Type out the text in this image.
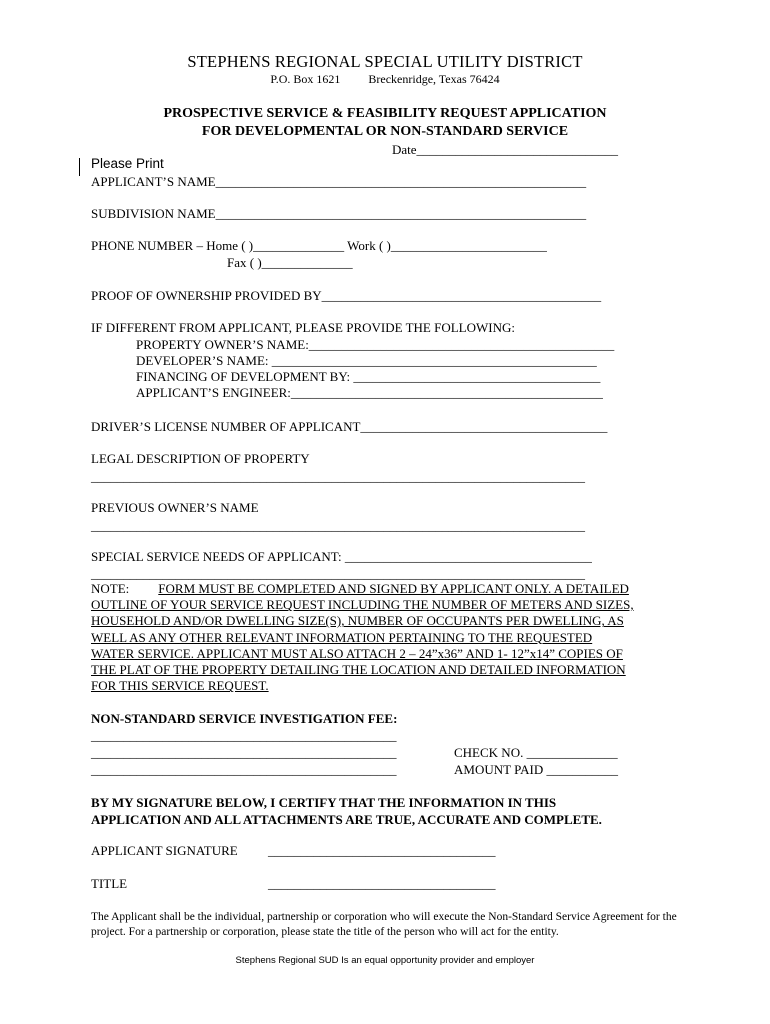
STEPHENS REGIONAL SPECIAL UTILITY DISTRICT
P.O. Box 1621 Breckenridge, Texas 76424
PROSPECTIVE SERVICE & FEASIBILITY REQUEST APPLICATION
FOR DEVELOPMENTAL OR NON-STANDARD SERVICE
Date_______________________________
Please Print
APPLICANT’S NAME_________________________________________________________
SUBDIVISION NAME_________________________________________________________
PHONE NUMBER – Home ( )______________ Work ( )________________________
Fax ( )______________
PROOF OF OWNERSHIP PROVIDED BY___________________________________________
IF DIFFERENT FROM APPLICANT, PLEASE PROVIDE THE FOLLOWING:
PROPERTY OWNER’S NAME:_______________________________________________
DEVELOPER’S NAME: __________________________________________________
FINANCING OF DEVELOPMENT BY: ______________________________________
APPLICANT’S ENGINEER:________________________________________________
DRIVER’S LICENSE NUMBER OF APPLICANT______________________________________
LEGAL DESCRIPTION OF PROPERTY
____________________________________________________________________________
PREVIOUS OWNER’S NAME
____________________________________________________________________________
SPECIAL SERVICE NEEDS OF APPLICANT: ______________________________________
____________________________________________________________________________

NOTE: FORM MUST BE COMPLETED AND SIGNED BY APPLICANT ONLY. A DETAILED

OUTLINE OF YOUR SERVICE REQUEST INCLUDING THE NUMBER OF METERS AND SIZES,

HOUSEHOLD AND/OR DWELLING SIZE(S), NUMBER OF OCCUPANTS PER DWELLING, AS

WELL AS ANY OTHER RELEVANT INFORMATION PERTAINING TO THE REQUESTED

WATER SERVICE. APPLICANT MUST ALSO ATTACH 2 – 24”x36” AND 1- 12”x14” COPIES OF

THE PLAT OF THE PROPERTY DETAILING THE LOCATION AND DETAILED INFORMATION

FOR THIS SERVICE REQUEST.

NON-STANDARD SERVICE INVESTIGATION FEE:
_______________________________________________
_______________________________________________
_______________________________________________
CHECK NO. ______________
AMOUNT PAID ___________
BY MY SIGNATURE BELOW, I CERTIFY THAT THE INFORMATION IN THIS
APPLICATION AND ALL ATTACHMENTS ARE TRUE, ACCURATE AND COMPLETE.
APPLICANT SIGNATURE ___________________________________
TITLE	___________________________________
The Applicant shall be the individual, partnership or corporation who will execute the Non-Standard Service Agreement for the project. For a partnership or corporation, please state the title of the person who will act for the entity.
Stephens Regional SUD Is an equal opportunity provider and employer
